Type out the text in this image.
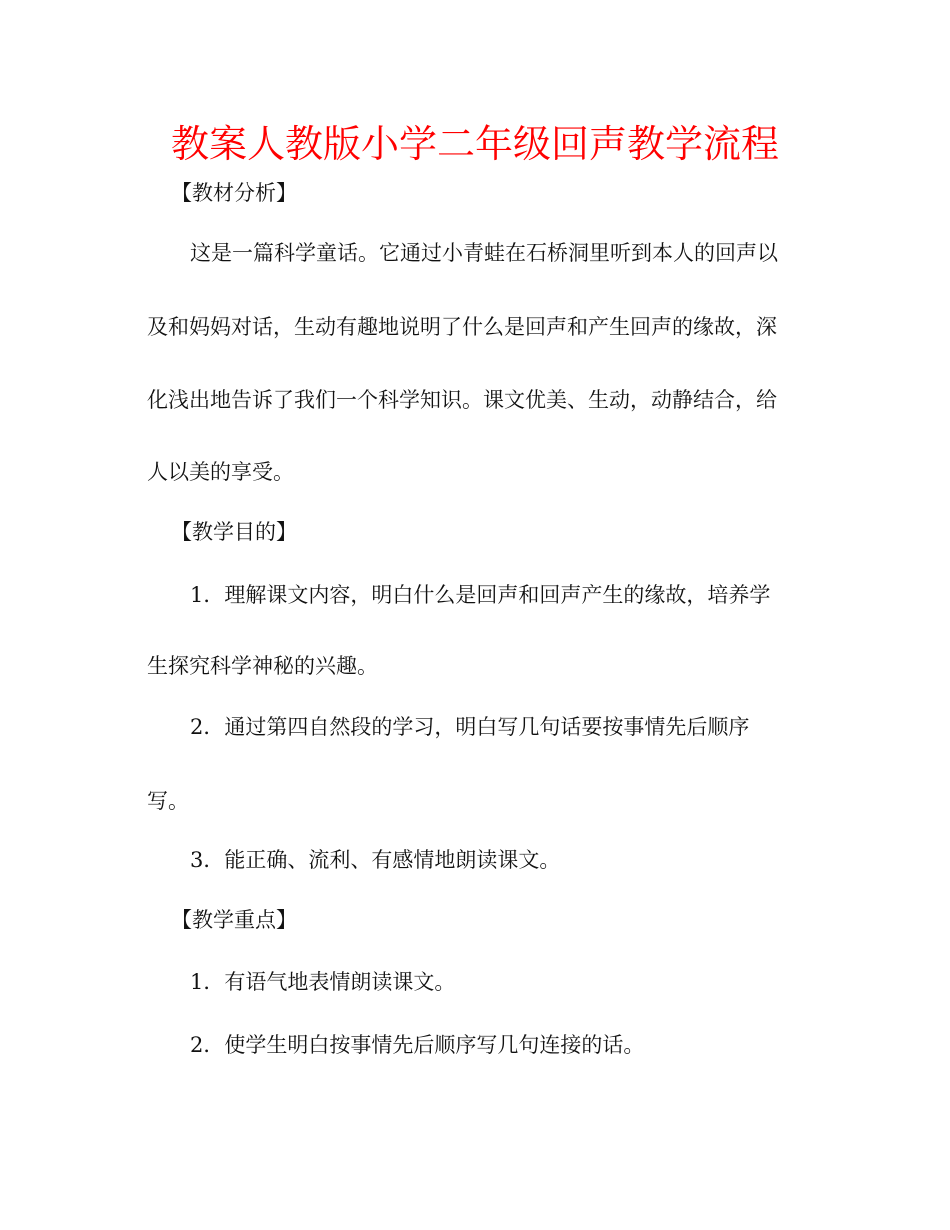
教案人教版小学二年级回声教学流程
【教材分析】
这是一篇科学童话。它通过小青蛙在石桥洞里听到本人的回声以
及和妈妈对话，生动有趣地说明了什么是回声和产生回声的缘故，深
化浅出地告诉了我们一个科学知识。课文优美、生动，动静结合，给
人以美的享受。
【教学目的】
1．理解课文内容，明白什么是回声和回声产生的缘故，培养学
生探究科学神秘的兴趣。
2．通过第四自然段的学习，明白写几句话要按事情先后顺序
写。
3．能正确、流利、有感情地朗读课文。
【教学重点】
1．有语气地表情朗读课文。
2．使学生明白按事情先后顺序写几句连接的话。
